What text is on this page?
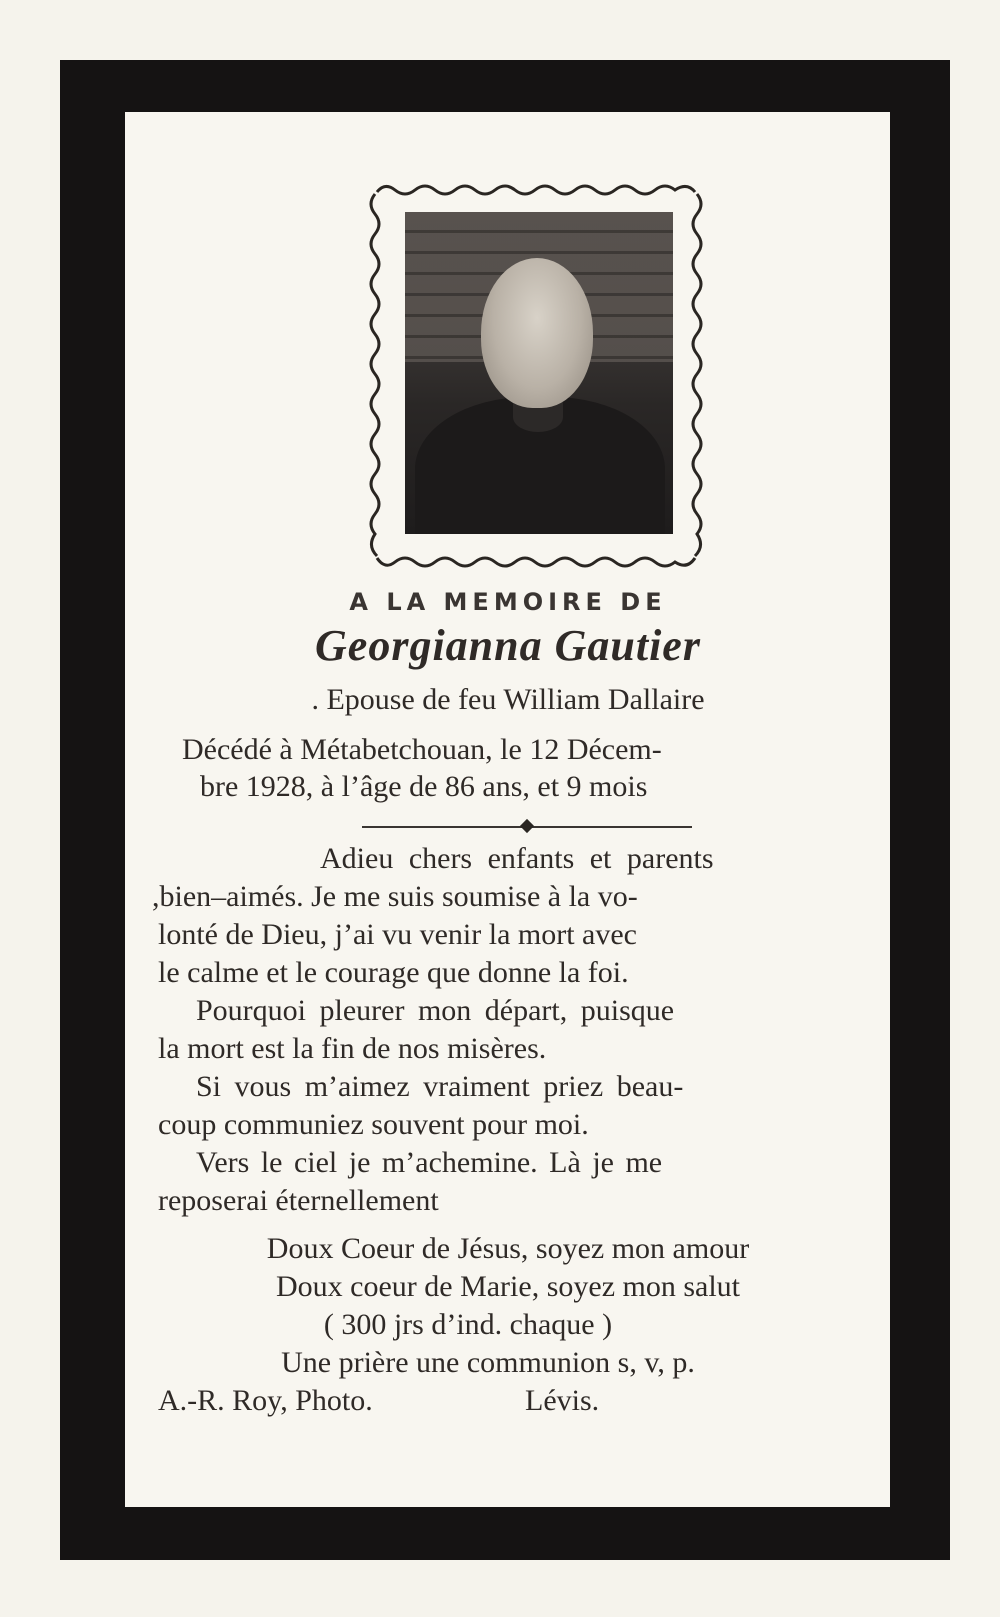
A LA MEMOIRE DE
Georgianna Gautier
. Epouse de feu William Dallaire
Décédé à Métabetchouan, le 12 Décem-
bre 1928, à l’âge de 86 ans, et 9 mois
Adieu chers enfants et parents
,bien–aimés. Je me suis soumise à la vo-
lonté de Dieu, j’ai vu venir la mort avec
le calme et le courage que donne la foi.
Pourquoi pleurer mon départ, puisque
la mort est la fin de nos misères.
Si vous m’aimez vraiment priez beau-
coup communiez souvent pour moi.
Vers le ciel je m’achemine. Là je me
reposerai éternellement
Doux Coeur de Jésus, soyez mon amour
Doux coeur de Marie, soyez mon salut
( 300 jrs d’ind. chaque )
Une prière une communion s, v, p.
A.-R. Roy, Photo.	Lévis.
